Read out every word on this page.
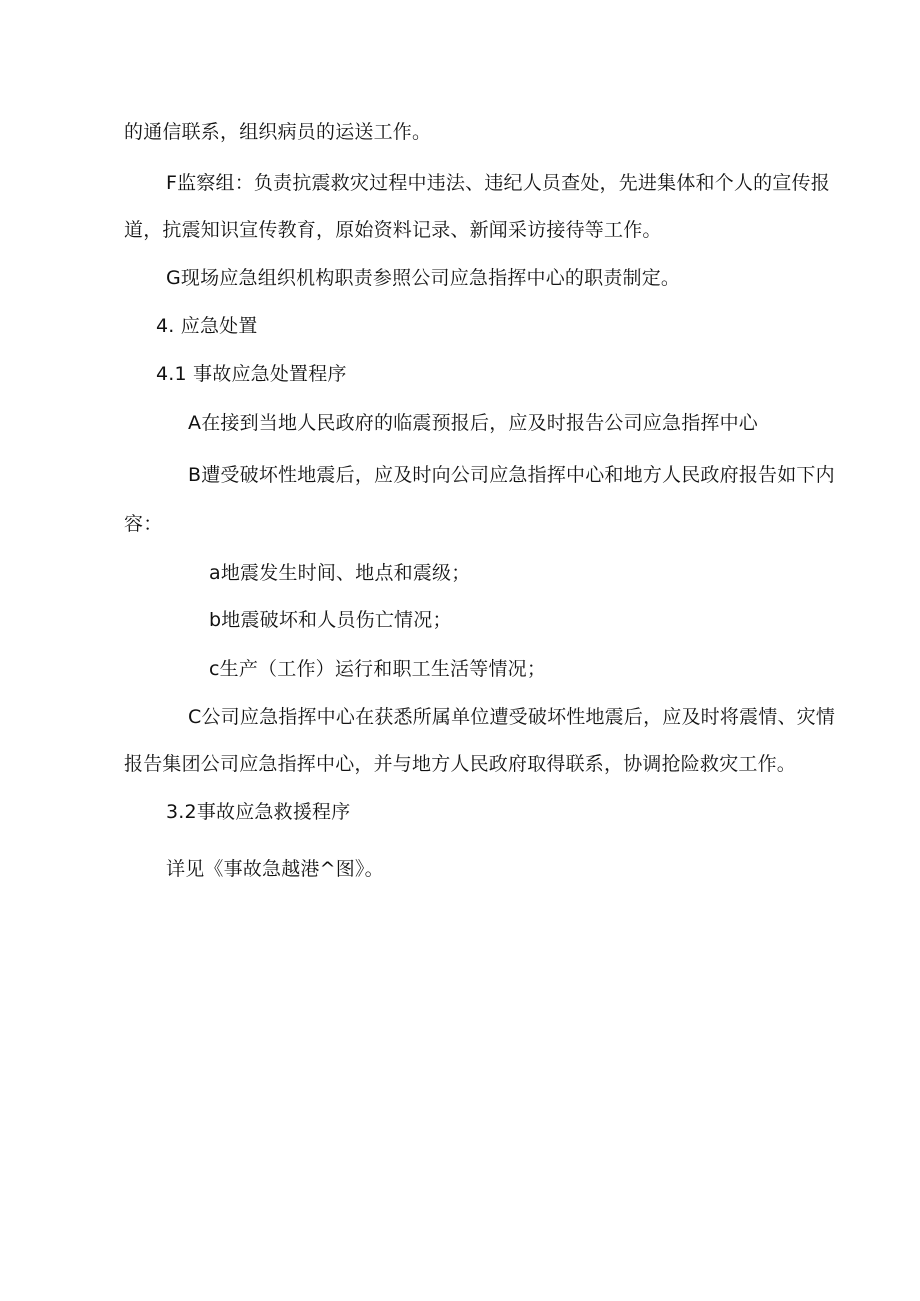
的通信联系，组织病员的运送工作。
F监察组：负责抗震救灾过程中违法、违纪人员查处，先进集体和个人的宣传报
道，抗震知识宣传教育，原始资料记录、新闻采访接待等工作。
G现场应急组织机构职责参照公司应急指挥中心的职责制定。
4. 应急处置
4.1 事故应急处置程序
A在接到当地人民政府的临震预报后，应及时报告公司应急指挥中心
B遭受破坏性地震后，应及时向公司应急指挥中心和地方人民政府报告如下内
容：
a地震发生时间、地点和震级；
b地震破坏和人员伤亡情况；
c生产（工作）运行和职工生活等情况；
C公司应急指挥中心在获悉所属单位遭受破坏性地震后，应及时将震情、灾情
报告集团公司应急指挥中心，并与地方人民政府取得联系，协调抢险救灾工作。
3.2事故应急救援程序
详见《事故急越港^图》。
